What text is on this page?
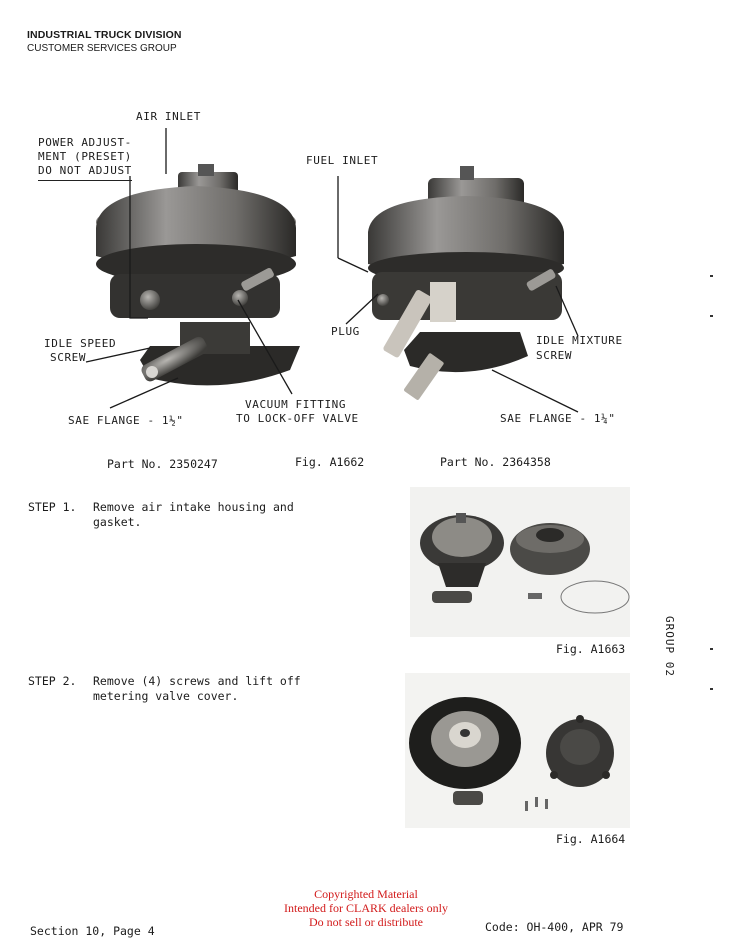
INDUSTRIAL TRUCK DIVISION
CUSTOMER SERVICES GROUP
AIR INLET
POWER ADJUST-
MENT (PRESET)
DO NOT ADJUST
FUEL INLET
PLUG
IDLE SPEED
SCREW
IDLE MIXTURE
SCREW
VACUUM FITTING
TO LOCK-OFF VALVE
SAE FLANGE - 1½"	SAE FLANGE - 1¼"
Part No. 2350247	Fig. A1662	Part No. 2364358
STEP 1. Remove air intake housing and
gasket.
Fig. A1663
STEP 2. Remove (4) screws and lift off
metering valve cover.
Fig. A1664
GROUP 02
Section 10, Page 4	Code: OH-400, APR 79
Copyrighted Material
Intended for CLARK dealers only
Do not sell or distribute
